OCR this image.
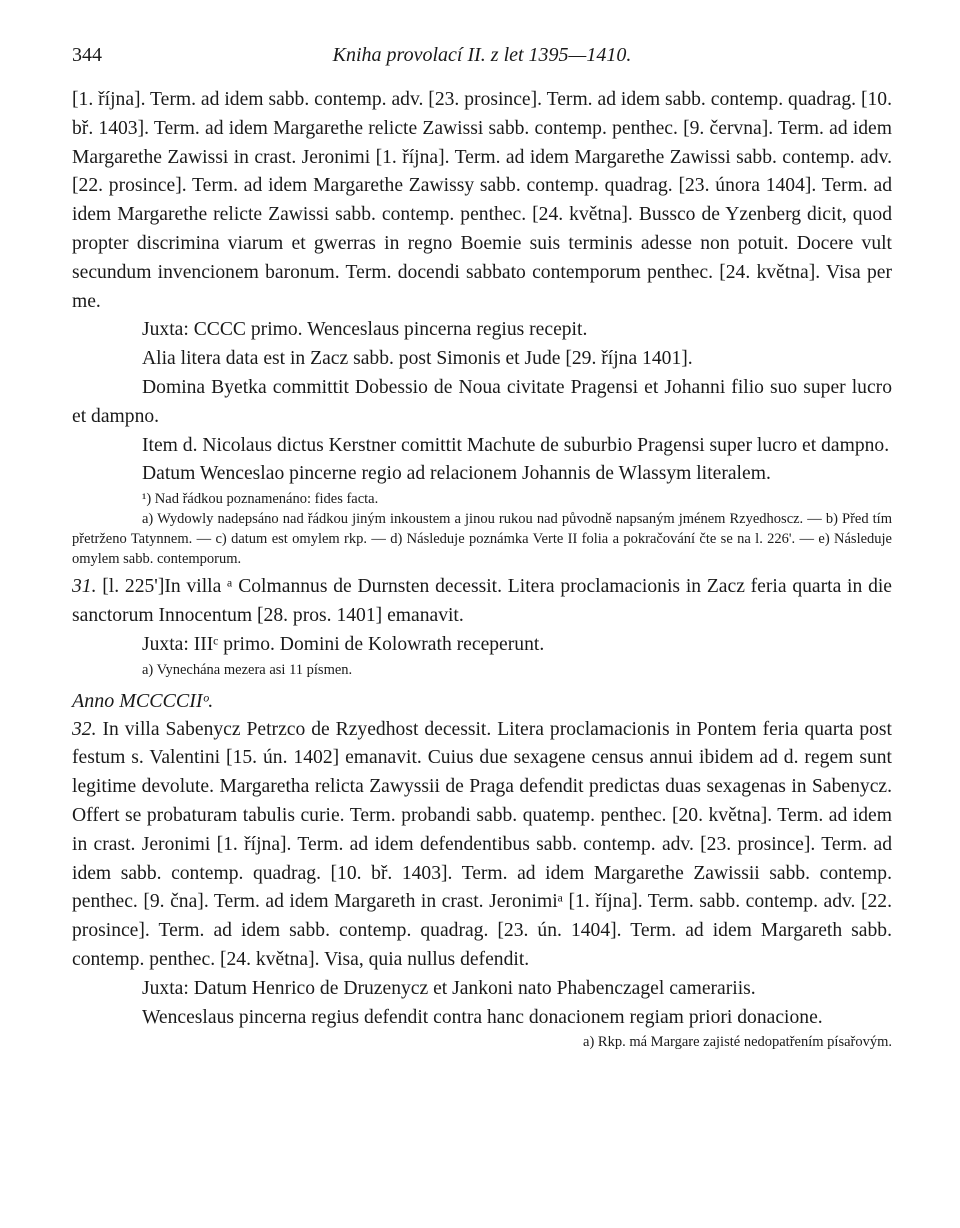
344	Kniha provolací II. z let 1395—1410.

[1. října]. Term. ad idem sabb. contemp. adv. [23. prosince]. Term. ad idem sabb. contemp. quadrag. [10. bř. 1403]. Term. ad idem Margarethe relicte Zawissi sabb. contemp. penthec. [9. června]. Term. ad idem Margarethe Zawissi in crast. Jeronimi [1. října]. Term. ad idem Margarethe Zawissi sabb. contemp. adv. [22. prosince]. Term. ad idem Margarethe Zawissy sabb. contemp. quadrag. [23. února 1404]. Term. ad idem Margarethe relicte Zawissi sabb. contemp. penthec. [24. května]. Bussco de Yzenberg dicit, quod propter discrimina viarum et gwerras in regno Boemie suis terminis adesse non potuit. Docere vult secundum invencionem baronum. Term. docendi sabbato contemporum penthec. [24. května]. Visa per me.

Juxta: CCCC primo. Wenceslaus pincerna regius recepit.

Alia litera data est in Zacz sabb. post Simonis et Jude [29. října 1401].

Domina Byetka committit Dobessio de Noua civitate Pragensi et Johanni filio suo super lucro et dampno.

Item d. Nicolaus dictus Kerstner comittit Machute de suburbio Pragensi super lucro et dampno.

Datum Wenceslao pincerne regio ad relacionem Johannis de Wlassym literalem.

¹) Nad řádkou poznamenáno: fides facta.

a) Wydowly nadepsáno nad řádkou jiným inkoustem a jinou rukou nad původně napsaným jménem Rzyedhoscz. — b) Před tím přetrženo Tatynnem. — c) datum est omylem rkp. — d) Následuje poznámka Verte II folia a pokračování čte se na l. 226'. — e) Následuje omylem sabb. contemporum.

31. [l. 225']In villa ᵃ Colmannus de Durnsten decessit. Litera proclamacionis in Zacz feria quarta in die sanctorum Innocentum [28. pros. 1401] emanavit.

Juxta: IIIᶜ primo. Domini de Kolowrath receperunt.

a) Vynechána mezera asi 11 písmen.

Anno MCCCCIIᵒ.

32. In villa Sabenycz Petrzco de Rzyedhost decessit. Litera proclamacionis in Pontem feria quarta post festum s. Valentini [15. ún. 1402] emanavit. Cuius due sexagene census annui ibidem ad d. regem sunt legitime devolute. Margaretha relicta Zawyssii de Praga defendit predictas duas sexagenas in Sabenycz. Offert se probaturam tabulis curie. Term. probandi sabb. quatemp. penthec. [20. května]. Term. ad idem in crast. Jeronimi [1. října]. Term. ad idem defendentibus sabb. contemp. adv. [23. prosince]. Term. ad idem sabb. contemp. quadrag. [10. bř. 1403]. Term. ad idem Margarethe Zawissii sabb. contemp. penthec. [9. čna]. Term. ad idem Margareth in crast. Jeronimiᵃ [1. října]. Term. sabb. contemp. adv. [22. prosince]. Term. ad idem sabb. contemp. quadrag. [23. ún. 1404]. Term. ad idem Margareth sabb. contemp. penthec. [24. května]. Visa, quia nullus defendit.

Juxta: Datum Henrico de Druzenycz et Jankoni nato Phabenczagel camerariis.

Wenceslaus pincerna regius defendit contra hanc donacionem regiam priori donacione.

a) Rkp. má Margare zajisté nedopatřením písařovým.
